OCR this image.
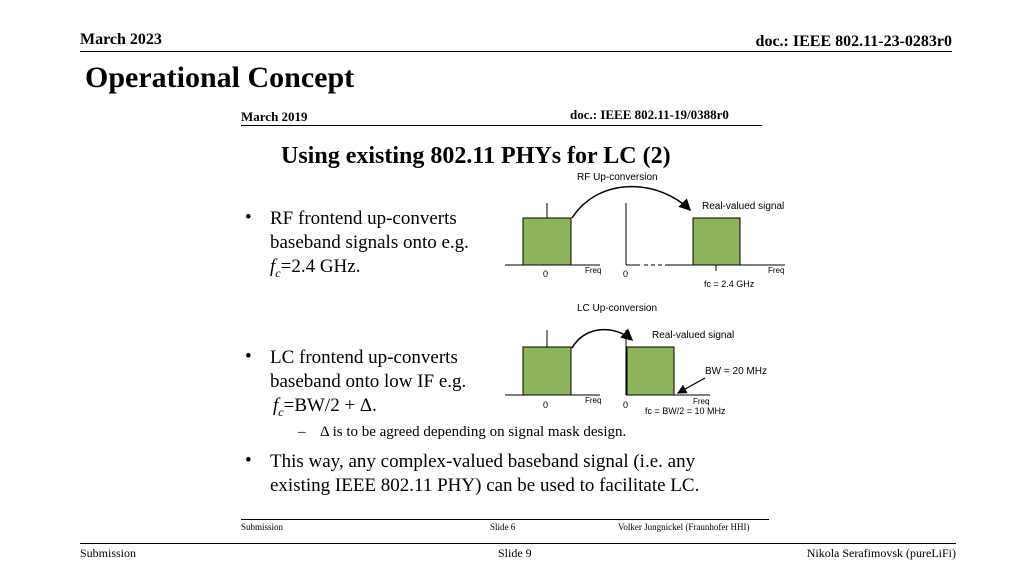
March 2023	doc.: IEEE 802.11-23-0283r0
Operational Concept
March 2019	doc.: IEEE 802.11-19/0388r0
Using existing 802.11 PHYs for LC (2)
• RF frontend up-converts
baseband signals onto e.g.
$f_c=2.4$ GHz.
• LC frontend up-converts
baseband onto low IF e.g.
$f_c=BW/2 + \Delta$.
– Δ is to be agreed depending on signal mask design.
• This way, any complex-valued baseband signal (i.e. any
existing IEEE 802.11 PHY) can be used to facilitate LC.
RF Up-conversion
0	Freq 0	Freq
fc = 2.4 GHz
Real-valued signal
LC Up-conversion
0	Freq 0	Freq
fc = BW/2 = 10 MHz
Real-valued signal
BW = 20 MHz
Submission	Slide 6	Volker Jungnickel (Fraunhofer HHI)
Submission	Slide 9	Nikola Serafimovsk (pureLiFi)
